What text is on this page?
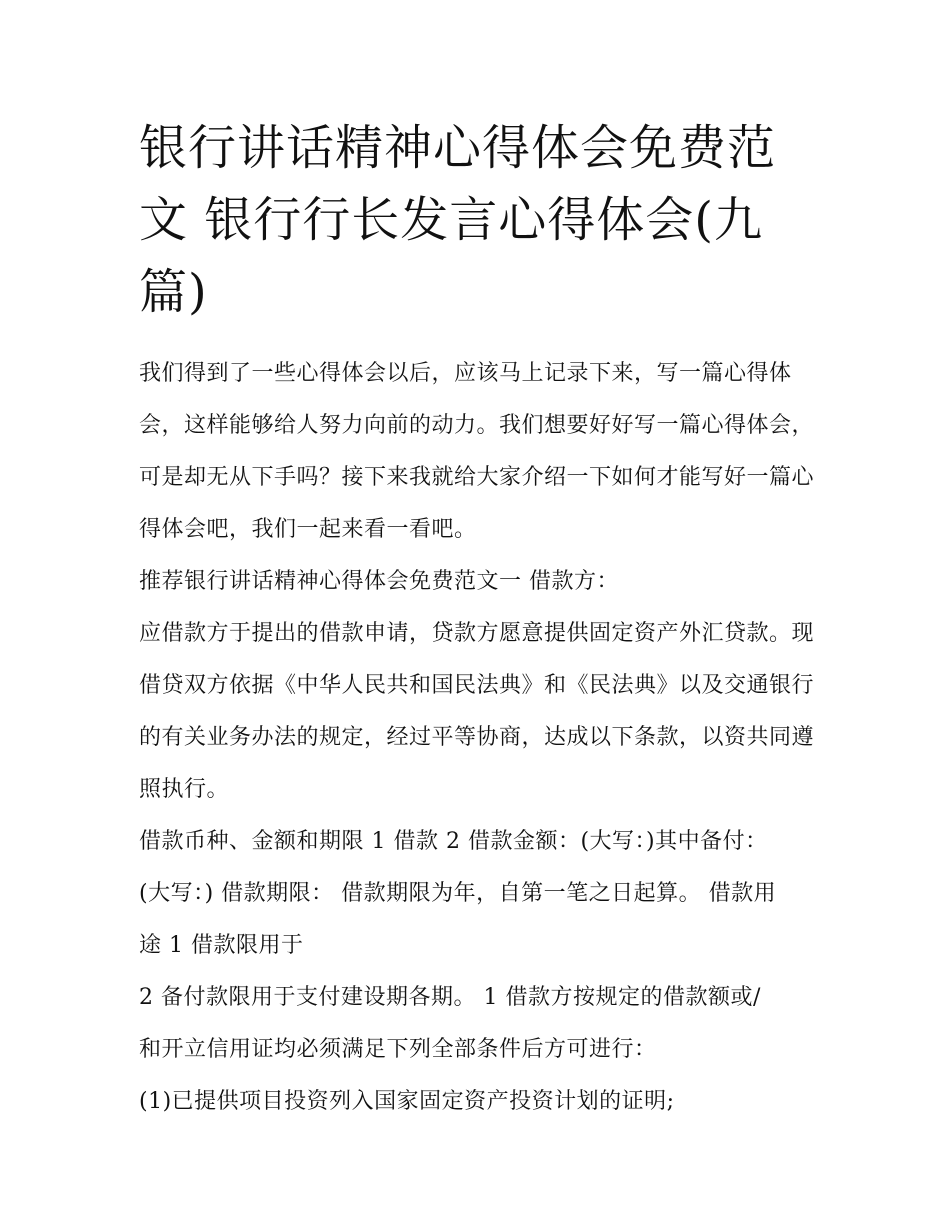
银行讲话精神心得体会免费范文 银行行长发言心得体会(九篇)

我们得到了一些心得体会以后，应该马上记录下来，写一篇心得体会，这样能够给人努力向前的动力。我们想要好好写一篇心得体会，可是却无从下手吗？接下来我就给大家介绍一下如何才能写好一篇心得体会吧，我们一起来看一看吧。

推荐银行讲话精神心得体会免费范文一 借款方：

应借款方于提出的借款申请，贷款方愿意提供固定资产外汇贷款。现借贷双方依据《中华人民共和国民法典》和《民法典》以及交通银行的有关业务办法的规定，经过平等协商，达成以下条款，以资共同遵照执行。

借款币种、金额和期限 1 借款 2 借款金额：(大写：)其中备付：(大写：) 借款期限： 借款期限为年，自第一笔之日起算。 借款用途 1 借款限用于

2 备付款限用于支付建设期各期。 1 借款方按规定的借款额或/和开立信用证均必须满足下列全部条件后方可进行：

(1)已提供项目投资列入国家固定资产投资计划的证明;
